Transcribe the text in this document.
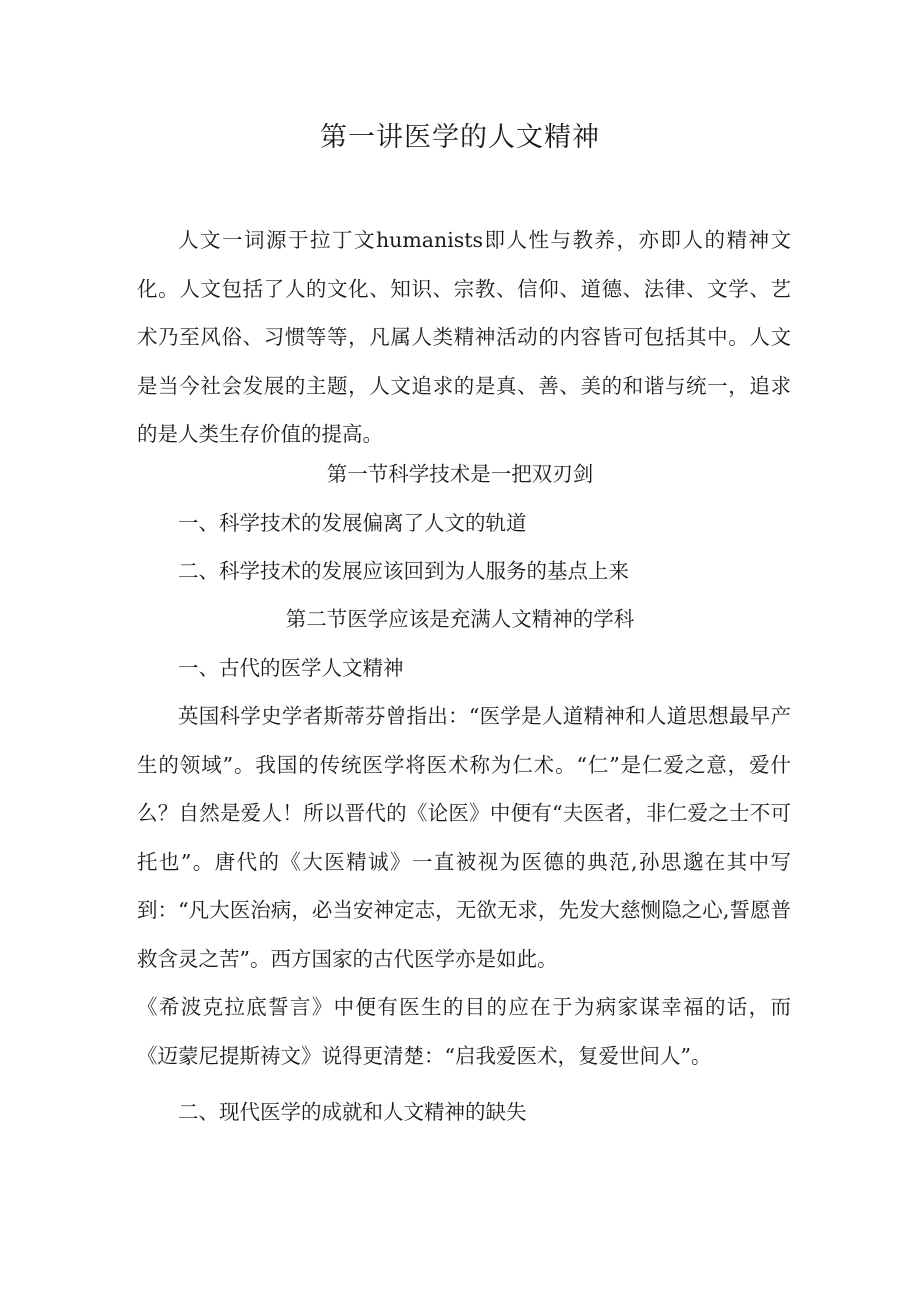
第一讲医学的人文精神

人文一词源于拉丁文humanists即人性与教养，亦即人的精神文化。人文包括了人的文化、知识、宗教、信仰、道德、法律、文学、艺术乃至风俗、习惯等等，凡属人类精神活动的内容皆可包括其中。人文是当今社会发展的主题，人文追求的是真、善、美的和谐与统一，追求的是人类生存价值的提高。

第一节科学技术是一把双刃剑

一、科学技术的发展偏离了人文的轨道

二、科学技术的发展应该回到为人服务的基点上来

第二节医学应该是充满人文精神的学科

一、古代的医学人文精神

英国科学史学者斯蒂芬曾指出：“医学是人道精神和人道思想最早产生的领域”。我国的传统医学将医术称为仁术。“仁”是仁爱之意，爱什么？自然是爱人！所以晋代的《论医》中便有“夫医者，非仁爱之士不可托也”。唐代的《大医精诚》一直被视为医德的典范,孙思邈在其中写到：“凡大医治病，必当安神定志，无欲无求，先发大慈恻隐之心,誓愿普救含灵之苦”。西方国家的古代医学亦是如此。

《希波克拉底誓言》中便有医生的目的应在于为病家谋幸福的话，而《迈蒙尼提斯祷文》说得更清楚：“启我爱医术，复爱世间人”。

二、现代医学的成就和人文精神的缺失
